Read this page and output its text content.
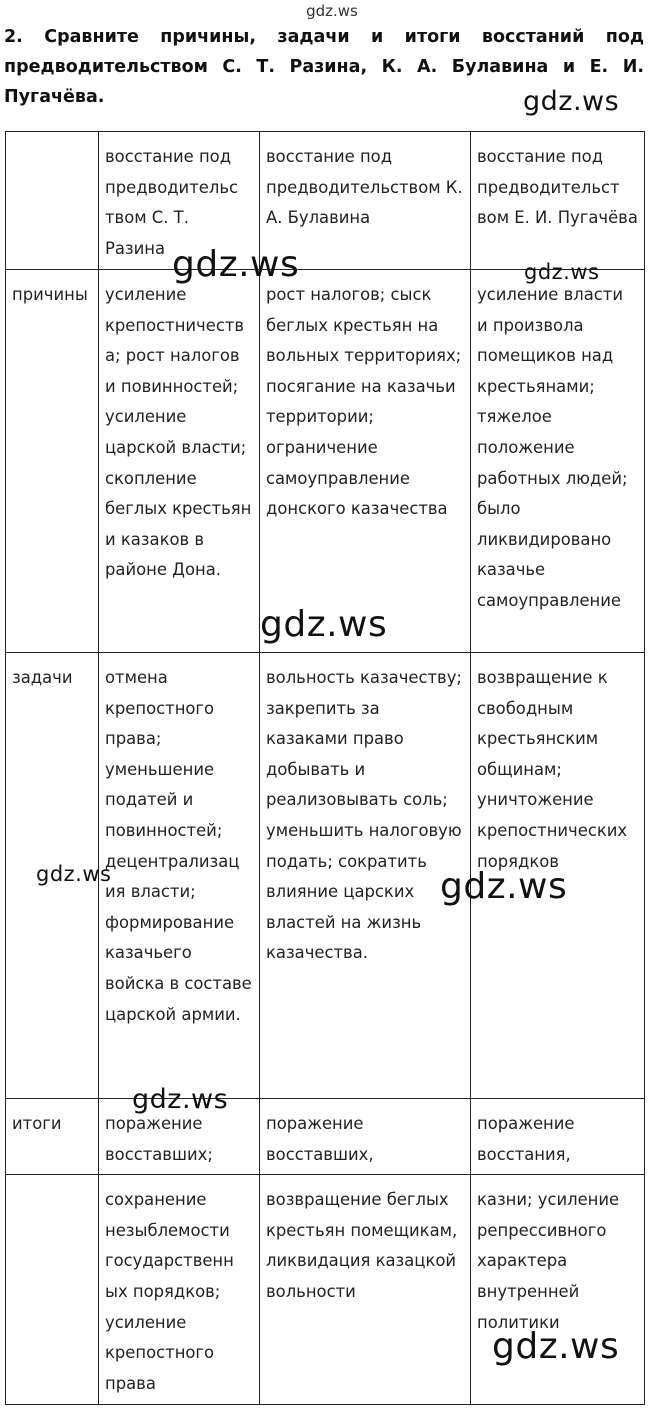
gdz.ws
2. Сравните причины, задачи и итоги восстаний под предводительством С. Т. Разина, К. А. Булавина и Е. И. Пугачёва.
	восстание под предводительс твом С. Т. Разина	восстание под предводительством К. А. Булавина	восстание под предводительст вом Е. И. Пугачёва
причины	усиление крепостничеств а; рост налогов и повинностей; усиление царской власти; скопление беглых крестьян и казаков в районе Дона.	рост налогов; сыск беглых крестьян на вольных территориях; посягание на казачьи территории; ограничение самоуправление донского казачества	усиление власти и произвола помещиков над крестьянами; тяжелое положение работных людей; было ликвидировано казачье самоуправление
задачи	отмена крепостного права; уменьшение податей и повинностей; децентрализац ия власти; формирование казачьего войска в составе царской армии.	вольность казачеству; закрепить за казаками право добывать и реализовывать соль; уменьшить налоговую подать; сократить влияние царских властей на жизнь казачества.	возвращение к свободным крестьянским общинам; уничтожение крепостнических порядков
итоги	поражение восставших;	поражение восставших,	поражение восстания,
	сохранение незыблемости государственн ых порядков; усиление крепостного права	возвращение беглых крестьян помещикам, ликвидация казацкой вольности	казни; усиление репрессивного характера внутренней политики
gdz.ws
gdz.ws	gdz.ws
gdz.ws
gdz.ws	gdz.ws
gdz.ws
gdz.ws
